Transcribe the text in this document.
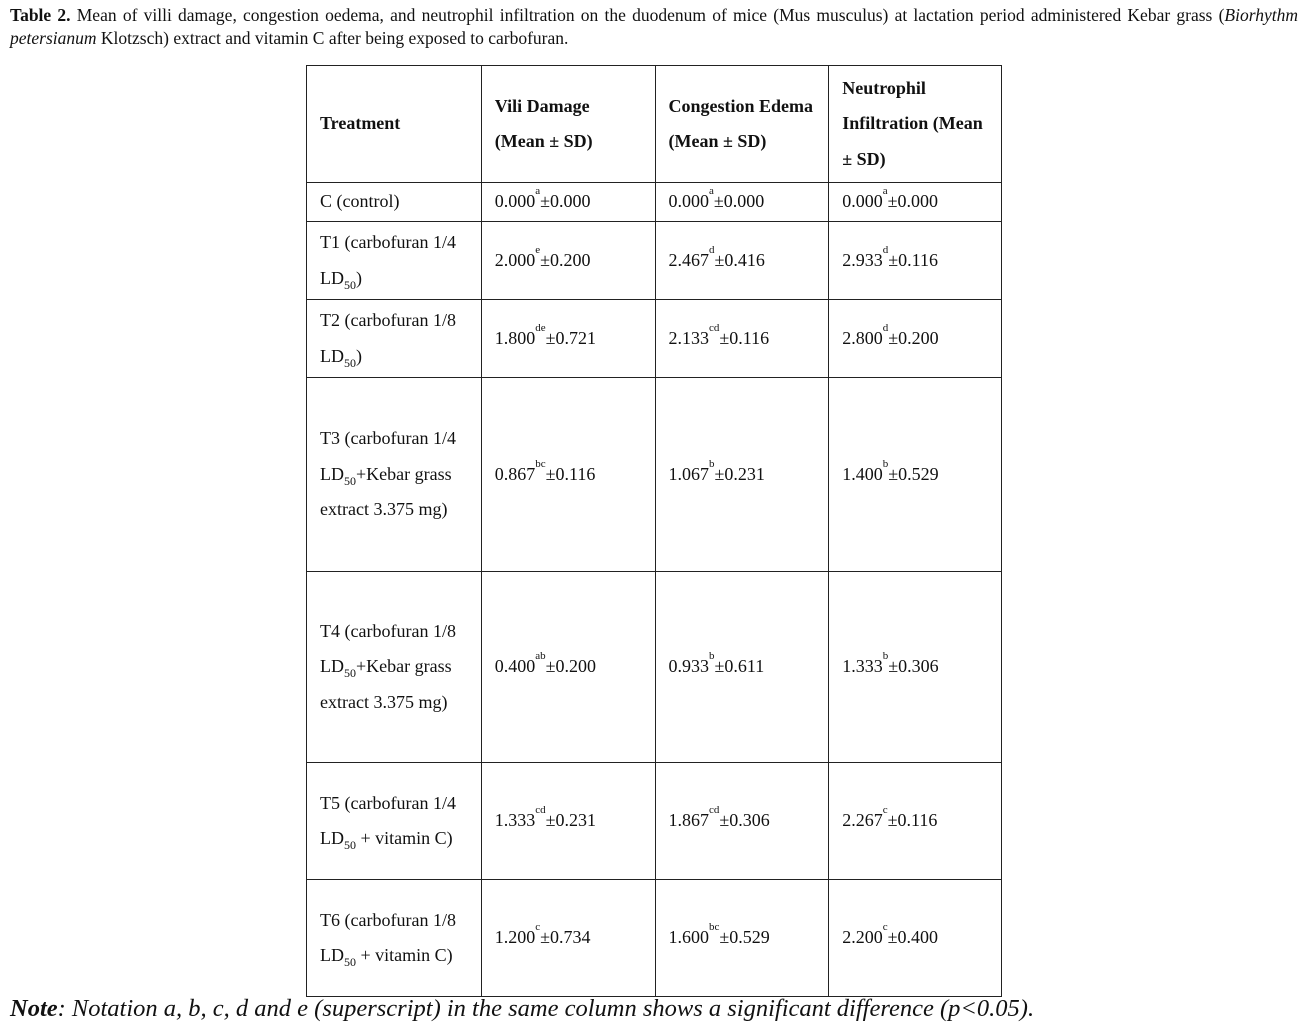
Table 2. Mean of villi damage, congestion oedema, and neutrophil infiltration on the duodenum of mice (Mus musculus) at lactation period administered Kebar grass (Biorhythm petersianum Klotzsch) extract and vitamin C after being exposed to carbofuran.
Treatment	Vili Damage (Mean ± SD)	Congestion Edema (Mean ± SD)	Neutrophil Infiltration (Mean ± SD)
C (control)	0.000$^a$±0.000	0.000$^a$±0.000	0.000$^a$±0.000
T1 (carbofuran 1/4 $LD_{50}$)	2.000$^e$±0.200	2.467$^d$±0.416	2.933$^d$±0.116
T2 (carbofuran 1/8 $LD_{50}$)	1.800de±0.721	2.133$^{cd}$±0.116	2.800$^d$±0.200
T3 (carbofuran 1/4 $LD_{50}+Kebar$ grass extract 3.375 mg)	0.867$^{bc}$±0.116	1.067$^b$±0.231	1.400$^b$±0.529
T4 (carbofuran 1/8 $LD_{50}+Kebar$ grass extract 3.375 mg)	0.400$^{ab}$±0.200	0.933$^b$±0.611	1.333$^b$±0.306
T5 (carbofuran 1/4 $LD_{50}$ + vitamin C)	1.333$^{cd}$±0.231	1.867$^{cd}$±0.306	2.267$^c$±0.116
T6 (carbofuran 1/8 $LD_{50}$ + vitamin C)	1.200$^c$±0.734	1.600$^{bc}$±0.529	2.200$^c$±0.400
Note: Notation a, b, c, d and e (superscript) in the same column shows a significant difference (p<0.05).
